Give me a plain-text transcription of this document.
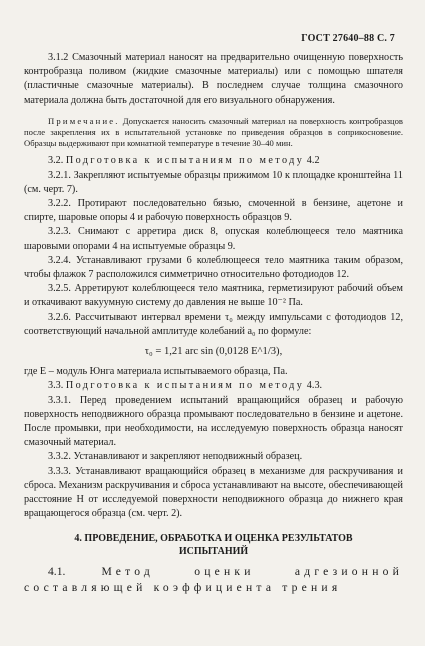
ГОСТ 27640–88 С. 7

3.1.2 Смазочный материал наносят на предварительно очищенную поверхность контробразца поливом (жидкие смазочные материалы) или с помощью шпателя (пластичные смазочные материалы). В последнем случае толщина смазочного материала должна быть достаточной для его визуального обнаружения.

Примечание. Допускается наносить смазочный материал на поверхность контробразцов после закрепления их в испытательной установке по приведения образцов в соприкосновение. Образцы выдерживают при комнатной температуре в течение 30–40 мин.

3.2. Подготовка к испытаниям по методу 4.2

3.2.1. Закрепляют испытуемые образцы прижимом 10 к площадке кронштейна 11 (см. черт. 7).

3.2.2. Протирают последовательно бязью, смоченной в бензине, ацетоне и спирте, шаровые опоры 4 и рабочую поверхность образцов 9.

3.2.3. Снимают с арретира диск 8, опуская колеблющееся тело маятника шаровыми опорами 4 на испытуемые образцы 9.

3.2.4. Устанавливают грузами 6 колеблющееся тело маятника таким образом, чтобы флажок 7 расположился симметрично относительно фотодиодов 12.

3.2.5. Арретируют колеблющееся тело маятника, герметизируют рабочий объем и откачивают вакуумную систему до давления не выше 10⁻² Па.

3.2.6. Рассчитывают интервал времени τ₀ между импульсами с фотодиодов 12, соответствующий начальной амплитуде колебаний a₀ по формуле:

τ₀ = 1,21 arc sin (0,0128 E^1/3),

где E – модуль Юнга материала испытываемого образца, Па.

3.3. Подготовка к испытаниям по методу 4.3.

3.3.1. Перед проведением испытаний вращающийся образец и рабочую поверхность неподвижного образца промывают последовательно в бензине и ацетоне. После промывки, при необходимости, на исследуемую поверхность образца наносят смазочный материал.

3.3.2. Устанавливают и закрепляют неподвижный образец.

3.3.3. Устанавливают вращающийся образец в механизме для раскручивания и сброса. Механизм раскручивания и сброса устанавливают на высоте, обеспечивающей расстояние H от исследуемой поверхности неподвижного образца до нижнего края вращающегося образца (см. черт. 2).

4. ПРОВЕДЕНИЕ, ОБРАБОТКА И ОЦЕНКА РЕЗУЛЬТАТОВ ИСПЫТАНИЙ

4.1. Метод оценки адгезионной составляющей коэффициента трения
